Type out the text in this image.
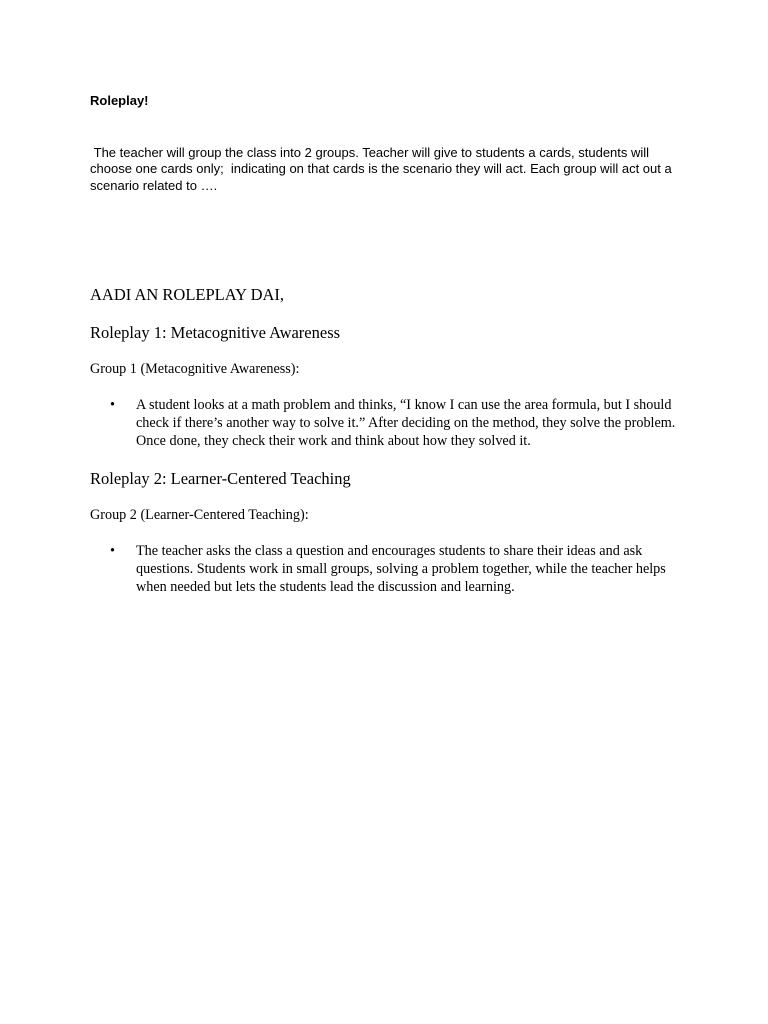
Roleplay!

The teacher will group the class into 2 groups. Teacher will give to students a cards, students will choose one cards only;  indicating on that cards is the scenario they will act. Each group will act out a scenario related to ….

AADI AN ROLEPLAY DAI,

Roleplay 1: Metacognitive Awareness

Group 1 (Metacognitive Awareness):

• A student looks at a math problem and thinks, “I know I can use the area formula, but I should check if there’s another way to solve it.” After deciding on the method, they solve the problem. Once done, they check their work and think about how they solved it.

Roleplay 2: Learner-Centered Teaching

Group 2 (Learner-Centered Teaching):

• The teacher asks the class a question and encourages students to share their ideas and ask questions. Students work in small groups, solving a problem together, while the teacher helps when needed but lets the students lead the discussion and learning.
